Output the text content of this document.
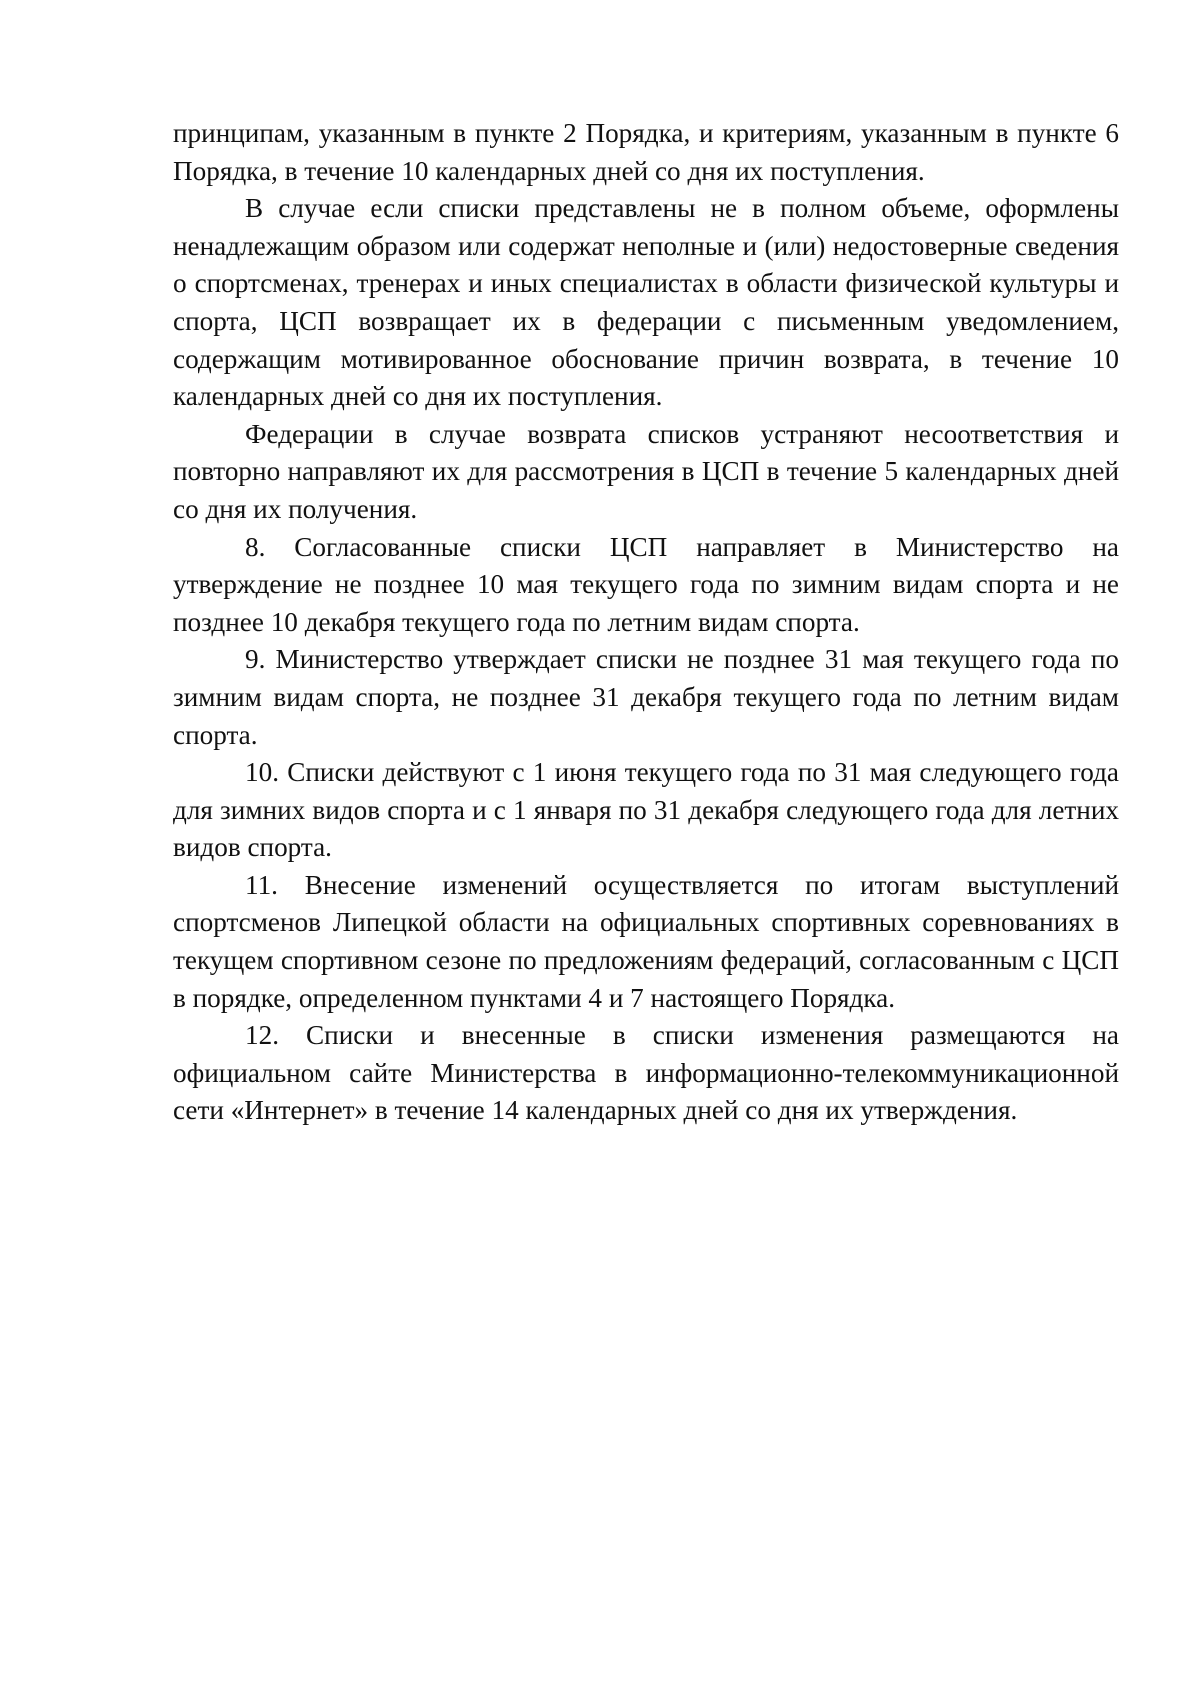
принципам, указанным в пункте 2 Порядка, и критериям, указанным в пункте 6 Порядка, в течение 10 календарных дней со дня их поступления.

В случае если списки представлены не в полном объеме, оформлены ненадлежащим образом или содержат неполные и (или) недостоверные сведения о спортсменах, тренерах и иных специалистах в области физической культуры и спорта, ЦСП возвращает их в федерации с письменным уведомлением, содержащим мотивированное обоснование причин возврата, в течение 10 календарных дней со дня их поступления.

Федерации в случае возврата списков устраняют несоответствия и повторно направляют их для рассмотрения в ЦСП в течение 5 календарных дней со дня их получения.

8. Согласованные списки ЦСП направляет в Министерство на утверждение не позднее 10 мая текущего года по зимним видам спорта и не позднее 10 декабря текущего года по летним видам спорта.

9. Министерство утверждает списки не позднее 31 мая текущего года по зимним видам спорта, не позднее 31 декабря текущего года по летним видам спорта.

10. Списки действуют с 1 июня текущего года по 31 мая следующего года для зимних видов спорта и с 1 января по 31 декабря следующего года для летних видов спорта.

11. Внесение изменений осуществляется по итогам выступлений спортсменов Липецкой области на официальных спортивных соревнованиях в текущем спортивном сезоне по предложениям федераций, согласованным с ЦСП в порядке, определенном пунктами 4 и 7 настоящего Порядка.

12. Списки и внесенные в списки изменения размещаются на официальном сайте Министерства в информационно-телекоммуникационной сети «Интернет» в течение 14 календарных дней со дня их утверждения.
